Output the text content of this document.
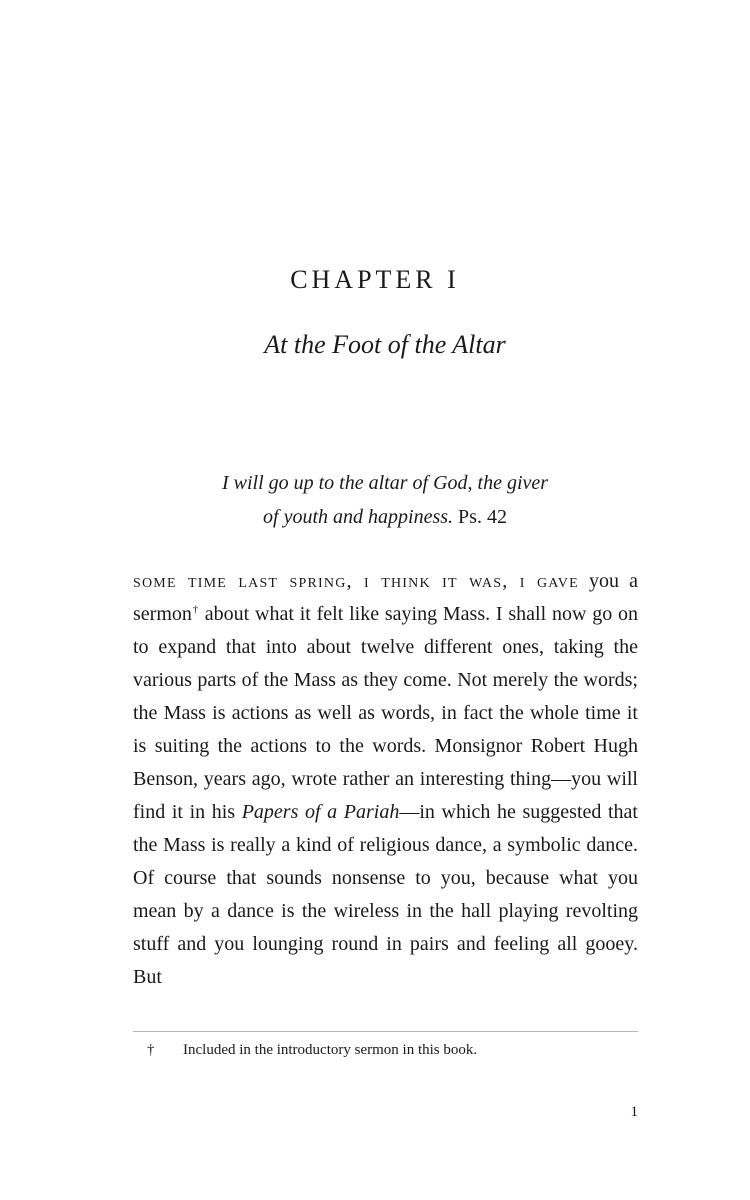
CHAPTER I
At the Foot of the Altar
I will go up to the altar of God, the giver
of youth and happiness. Ps. 42

some time last spring, i think it was, i gave you a sermon† about what it felt like saying Mass. I shall now go on to expand that into about twelve different ones, taking the various parts of the Mass as they come. Not merely the words; the Mass is actions as well as words, in fact the whole time it is suiting the actions to the words. Monsignor Robert Hugh Benson, years ago, wrote rather an interesting thing—you will find it in his Papers of a Pariah—in which he suggested that the Mass is really a kind of religious dance, a symbolic dance. Of course that sounds nonsense to you, because what you mean by a dance is the wireless in the hall playing revolting stuff and you lounging round in pairs and feeling all gooey. But

† Included in the introductory sermon in this book.
1
